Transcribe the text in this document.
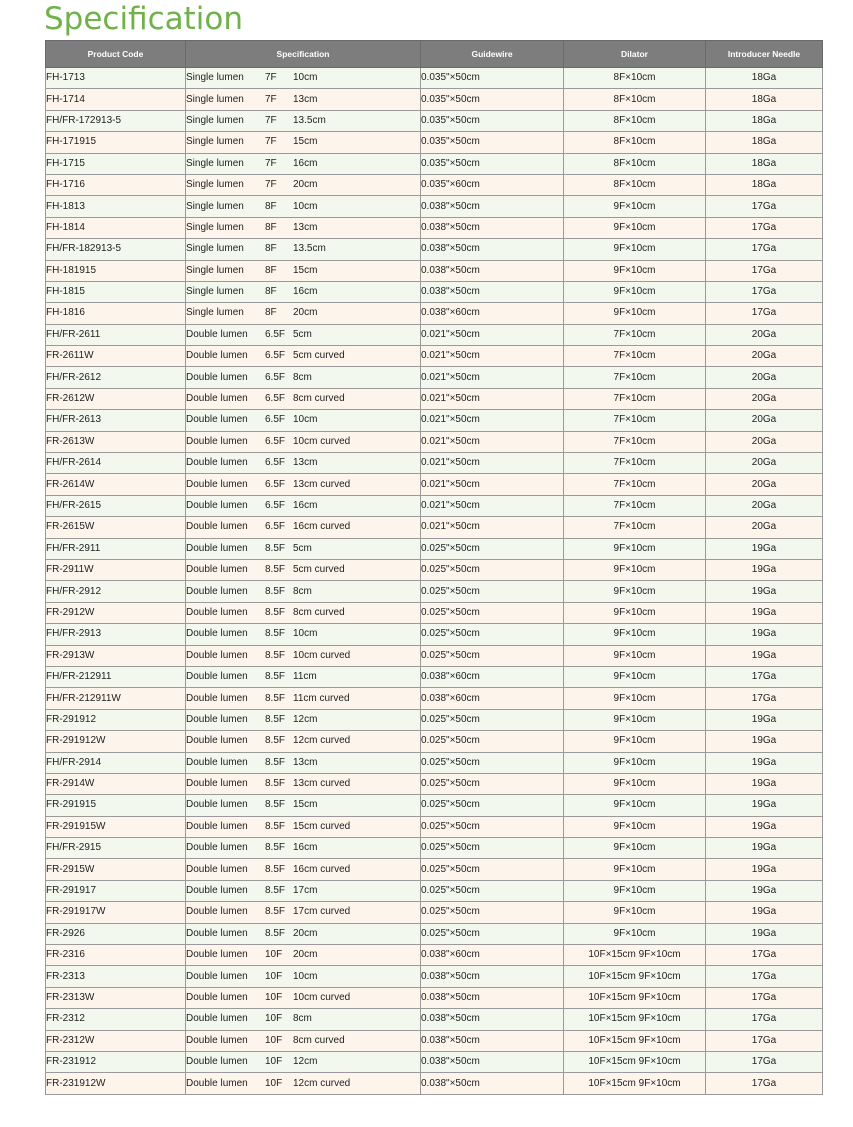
Specification
Product Code	Specification	Guidewire	Dilator	Introducer Needle
FH-1713	Single lumen 7F 10cm	0.035"×50cm	8F×10cm	18Ga
FH-1714	Single lumen 7F 13cm	0.035"×50cm	8F×10cm	18Ga
FH/FR-172913-5	Single lumen 7F 13.5cm	0.035"×50cm	8F×10cm	18Ga
FH-171915	Single lumen 7F 15cm	0.035"×50cm	8F×10cm	18Ga
FH-1715	Single lumen 7F 16cm	0.035"×50cm	8F×10cm	18Ga
FH-1716	Single lumen 7F 20cm	0.035"×60cm	8F×10cm	18Ga
FH-1813	Single lumen 8F 10cm	0.038"×50cm	9F×10cm	17Ga
FH-1814	Single lumen 8F 13cm	0.038"×50cm	9F×10cm	17Ga
FH/FR-182913-5	Single lumen 8F 13.5cm	0.038"×50cm	9F×10cm	17Ga
FH-181915	Single lumen 8F 15cm	0.038"×50cm	9F×10cm	17Ga
FH-1815	Single lumen 8F 16cm	0.038"×50cm	9F×10cm	17Ga
FH-1816	Single lumen 8F 20cm	0.038"×60cm	9F×10cm	17Ga
FH/FR-2611	Double lumen 6.5F 5cm	0.021"×50cm	7F×10cm	20Ga
FR-2611W	Double lumen 6.5F 5cm curved	0.021"×50cm	7F×10cm	20Ga
FH/FR-2612	Double lumen 6.5F 8cm	0.021"×50cm	7F×10cm	20Ga
FR-2612W	Double lumen 6.5F 8cm curved	0.021"×50cm	7F×10cm	20Ga
FH/FR-2613	Double lumen 6.5F 10cm	0.021"×50cm	7F×10cm	20Ga
FR-2613W	Double lumen 6.5F 10cm curved	0.021"×50cm	7F×10cm	20Ga
FH/FR-2614	Double lumen 6.5F 13cm	0.021"×50cm	7F×10cm	20Ga
FR-2614W	Double lumen 6.5F 13cm curved	0.021"×50cm	7F×10cm	20Ga
FH/FR-2615	Double lumen 6.5F 16cm	0.021"×50cm	7F×10cm	20Ga
FR-2615W	Double lumen 6.5F 16cm curved	0.021"×50cm	7F×10cm	20Ga
FH/FR-2911	Double lumen 8.5F 5cm	0.025"×50cm	9F×10cm	19Ga
FR-2911W	Double lumen 8.5F 5cm curved	0.025"×50cm	9F×10cm	19Ga
FH/FR-2912	Double lumen 8.5F 8cm	0.025"×50cm	9F×10cm	19Ga
FR-2912W	Double lumen 8.5F 8cm curved	0.025"×50cm	9F×10cm	19Ga
FH/FR-2913	Double lumen 8.5F 10cm	0.025"×50cm	9F×10cm	19Ga
FR-2913W	Double lumen 8.5F 10cm curved	0.025"×50cm	9F×10cm	19Ga
FH/FR-212911	Double lumen 8.5F 11cm	0.038"×60cm	9F×10cm	17Ga
FH/FR-212911W	Double lumen 8.5F 11cm curved	0.038"×60cm	9F×10cm	17Ga
FR-291912	Double lumen 8.5F 12cm	0.025"×50cm	9F×10cm	19Ga
FR-291912W	Double lumen 8.5F 12cm curved	0.025"×50cm	9F×10cm	19Ga
FH/FR-2914	Double lumen 8.5F 13cm	0.025"×50cm	9F×10cm	19Ga
FR-2914W	Double lumen 8.5F 13cm curved	0.025"×50cm	9F×10cm	19Ga
FR-291915	Double lumen 8.5F 15cm	0.025"×50cm	9F×10cm	19Ga
FR-291915W	Double lumen 8.5F 15cm curved	0.025"×50cm	9F×10cm	19Ga
FH/FR-2915	Double lumen 8.5F 16cm	0.025"×50cm	9F×10cm	19Ga
FR-2915W	Double lumen 8.5F 16cm curved	0.025"×50cm	9F×10cm	19Ga
FR-291917	Double lumen 8.5F 17cm	0.025"×50cm	9F×10cm	19Ga
FR-291917W	Double lumen 8.5F 17cm curved	0.025"×50cm	9F×10cm	19Ga
FR-2926	Double lumen 8.5F 20cm	0.025"×50cm	9F×10cm	19Ga
FR-2316	Double lumen 10F 20cm	0.038"×60cm	10F×15cm 9F×10cm	17Ga
FR-2313	Double lumen 10F 10cm	0.038"×50cm	10F×15cm 9F×10cm	17Ga
FR-2313W	Double lumen 10F 10cm curved	0.038"×50cm	10F×15cm 9F×10cm	17Ga
FR-2312	Double lumen 10F 8cm	0.038"×50cm	10F×15cm 9F×10cm	17Ga
FR-2312W	Double lumen 10F 8cm curved	0.038"×50cm	10F×15cm 9F×10cm	17Ga
FR-231912	Double lumen 10F 12cm	0.038"×50cm	10F×15cm 9F×10cm	17Ga
FR-231912W	Double lumen 10F 12cm curved	0.038"×50cm	10F×15cm 9F×10cm	17Ga
